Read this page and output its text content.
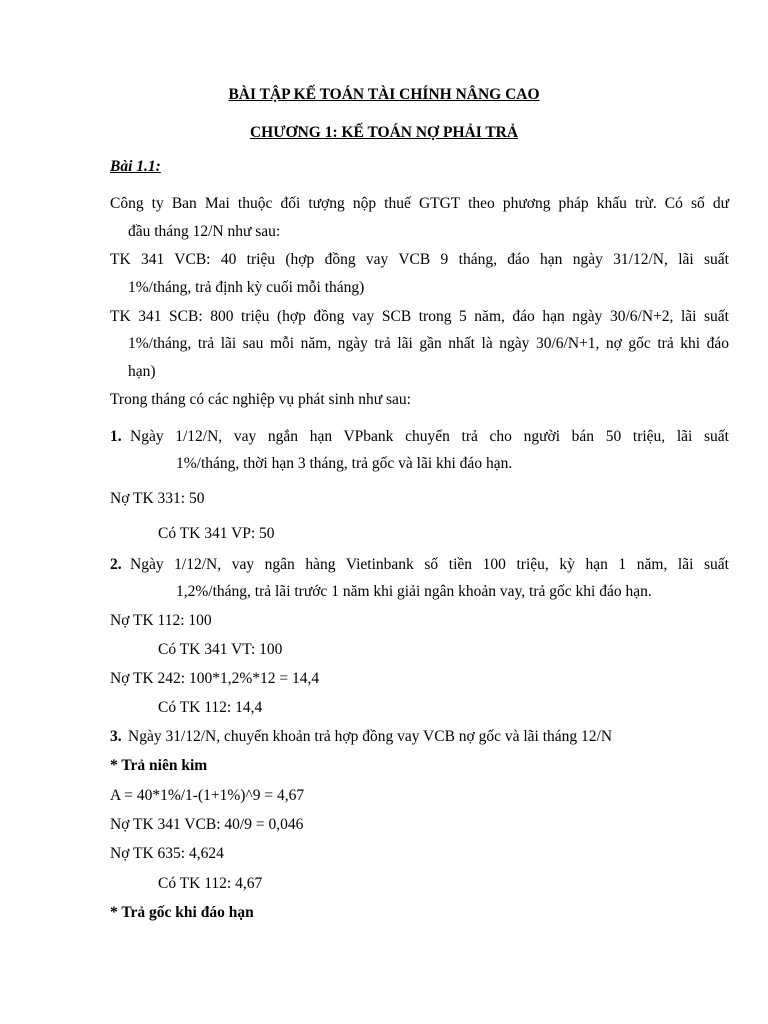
BÀI TẬP KẾ TOÁN TÀI CHÍNH NÂNG CAO
CHƯƠNG 1: KẾ TOÁN NỢ PHẢI TRẢ
Bài 1.1:
Công ty Ban Mai thuộc đối tượng nộp thuế GTGT theo phương pháp khấu trừ. Có số dư
đầu tháng 12/N như sau:
TK 341 VCB: 40 triệu (hợp đồng vay VCB 9 tháng, đáo hạn ngày 31/12/N, lãi suất
1%/tháng, trả định kỳ cuối mỗi tháng)
TK 341 SCB: 800 triệu (hợp đồng vay SCB trong 5 năm, đáo hạn ngày 30/6/N+2, lãi suất
1%/tháng, trả lãi sau mỗi năm, ngày trả lãi gần nhất là ngày 30/6/N+1, nợ gốc trả khi đáo
hạn)
Trong tháng có các nghiệp vụ phát sinh như sau:
1. Ngày 1/12/N, vay ngắn hạn VPbank chuyển trả cho người bán 50 triệu, lãi suất
1%/tháng, thời hạn 3 tháng, trả gốc và lãi khi đáo hạn.
Nợ TK 331: 50
Có TK 341 VP: 50
2. Ngày 1/12/N, vay ngân hàng Vietinbank số tiền 100 triệu, kỳ hạn 1 năm, lãi suất
1,2%/tháng, trả lãi trước 1 năm khi giải ngân khoản vay, trả gốc khi đáo hạn.
Nợ TK 112: 100
Có TK 341 VT: 100
Nợ TK 242: 100*1,2%*12 = 14,4
Có TK 112: 14,4
3. Ngày 31/12/N, chuyển khoản trả hợp đồng vay VCB nợ gốc và lãi tháng 12/N
* Trả niên kim
A = 40*1%/1-(1+1%)^9 = 4,67
Nợ TK 341 VCB: 40/9 = 0,046
Nợ TK 635: 4,624
Có TK 112: 4,67
* Trả gốc khi đáo hạn
